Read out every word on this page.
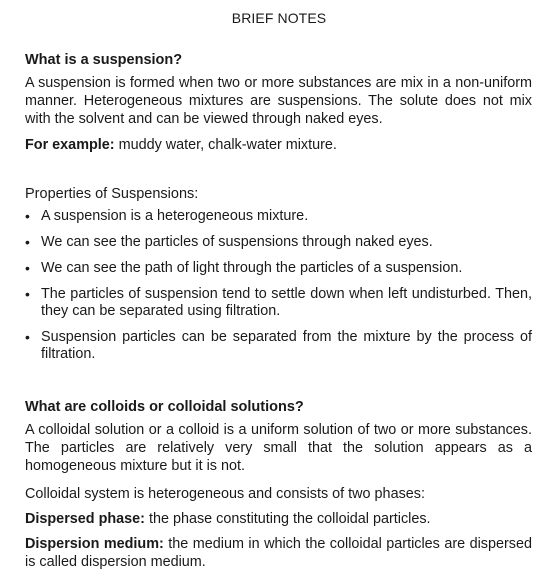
BRIEF NOTES
What is a suspension?

A suspension is formed when two or more substances are mix in a non-uniform manner. Heterogeneous mixtures are suspensions. The solute does not mix with the solvent and can be viewed through naked eyes.

For example: muddy water, chalk-water mixture.

Properties of Suspensions:
• A suspension is a heterogeneous mixture.
• We can see the particles of suspensions through naked eyes.
• We can see the path of light through the particles of a suspension.
• The particles of suspension tend to settle down when left undisturbed. Then, they can be separated using filtration.
• Suspension particles can be separated from the mixture by the process of filtration.
What are colloids or colloidal solutions?

A colloidal solution or a colloid is a uniform solution of two or more substances. The particles are relatively very small that the solution appears as a homogeneous mixture but it is not.

Colloidal system is heterogeneous and consists of two phases:

Dispersed phase: the phase constituting the colloidal particles.

Dispersion medium: the medium in which the colloidal particles are dispersed is called dispersion medium.
